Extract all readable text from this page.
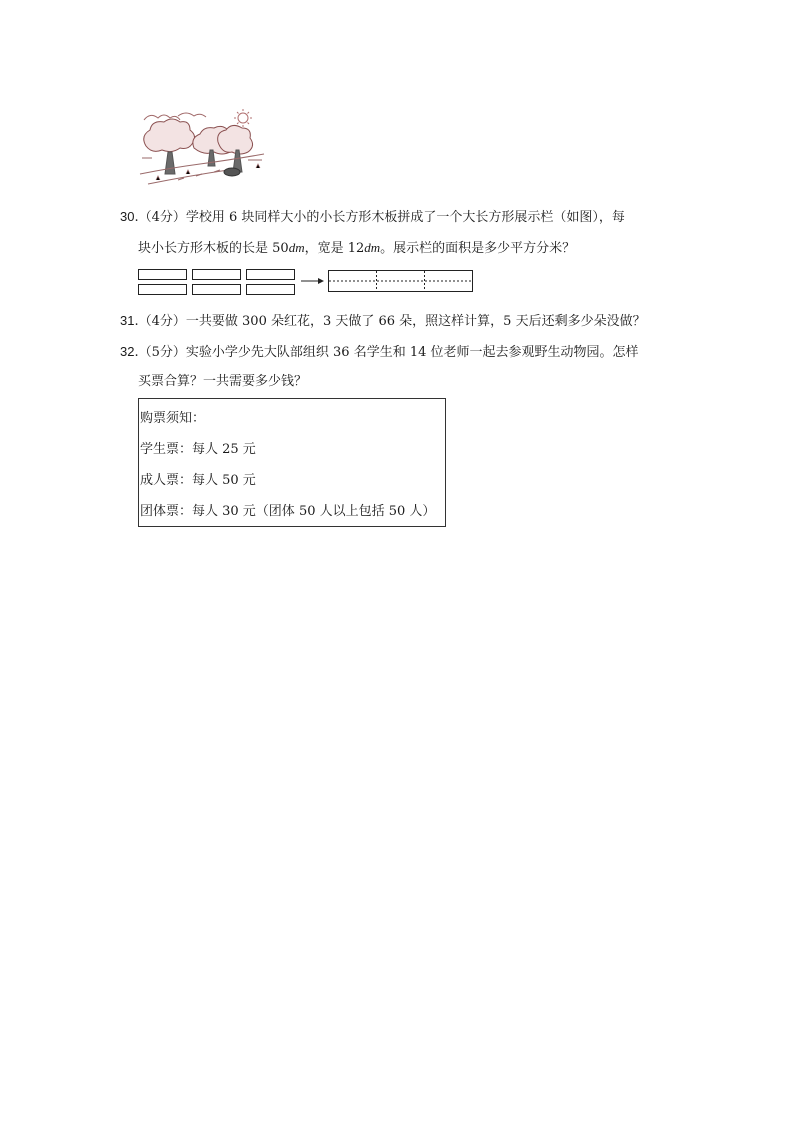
30.（4分）学校用 6 块同样大小的小长方形木板拼成了一个大长方形展示栏（如图），每
块小长方形木板的长是 50dm，宽是 12dm。展示栏的面积是多少平方分米？
31.（4分）一共要做 300 朵红花，3 天做了 66 朵，照这样计算，5 天后还剩多少朵没做？
32.（5分）实验小学少先大队部组织 36 名学生和 14 位老师一起去参观野生动物园。怎样
买票合算？一共需要多少钱？
购票须知：
学生票：每人 25 元
成人票：每人 50 元
团体票：每人 30 元（团体 50 人以上包括 50 人）
